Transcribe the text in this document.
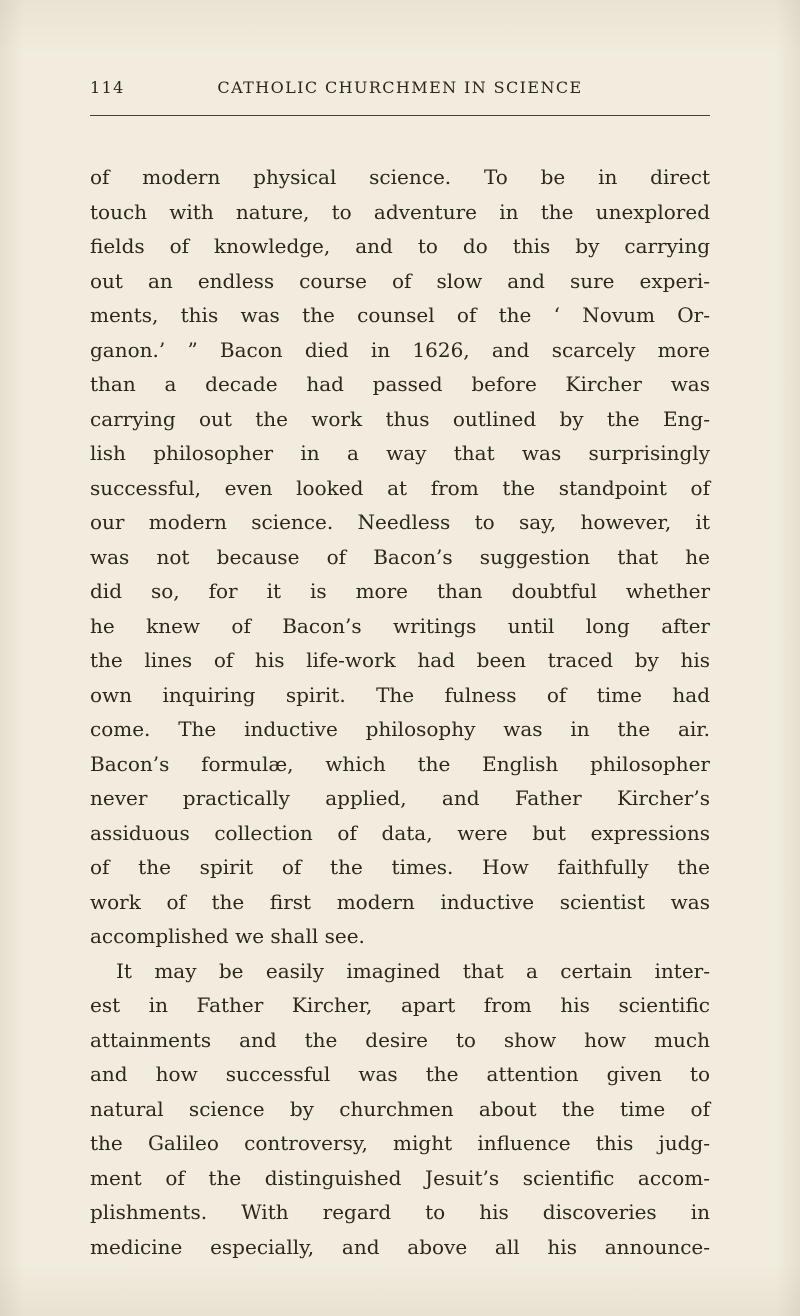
114	CATHOLIC CHURCHMEN IN SCIENCE
of modern physical science. To be in direct
touch with nature, to adventure in the unexplored
fields of knowledge, and to do this by carrying
out an endless course of slow and sure experi-
ments, this was the counsel of the ‘ Novum Or-
ganon.’ ” Bacon died in 1626, and scarcely more
than a decade had passed before Kircher was
carrying out the work thus outlined by the Eng-
lish philosopher in a way that was surprisingly
successful, even looked at from the standpoint of
our modern science. Needless to say, however, it
was not because of Bacon’s suggestion that he
did so, for it is more than doubtful whether
he knew of Bacon’s writings until long after
the lines of his life-work had been traced by his
own inquiring spirit. The fulness of time had
come. The inductive philosophy was in the air.
Bacon’s formulæ, which the English philosopher
never practically applied, and Father Kircher’s
assiduous collection of data, were but expressions
of the spirit of the times. How faithfully the
work of the first modern inductive scientist was
accomplished we shall see.
It may be easily imagined that a certain inter-
est in Father Kircher, apart from his scientific
attainments and the desire to show how much
and how successful was the attention given to
natural science by churchmen about the time of
the Galileo controversy, might influence this judg-
ment of the distinguished Jesuit’s scientific accom-
plishments. With regard to his discoveries in
medicine especially, and above all his announce-
